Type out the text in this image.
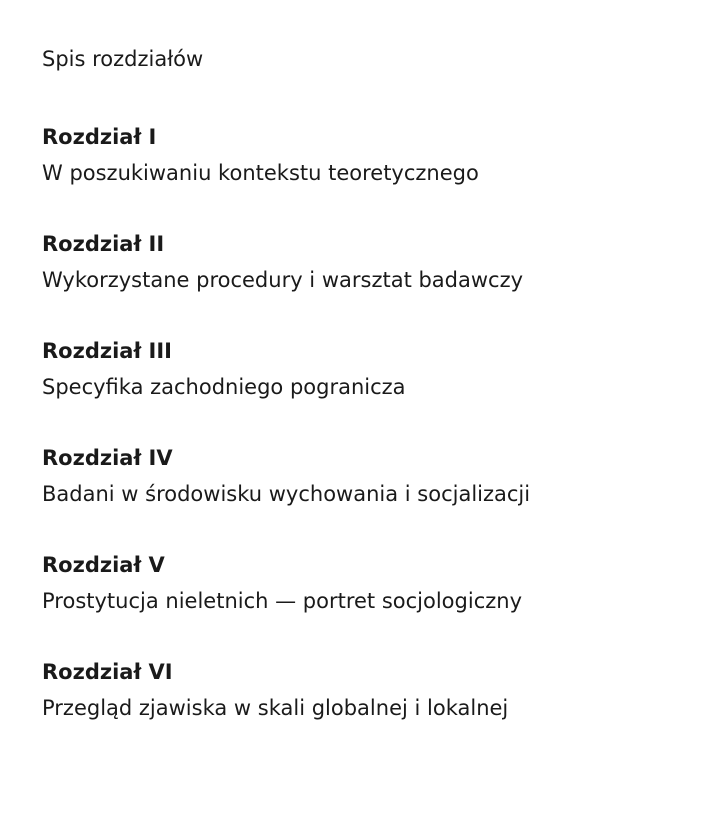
Spis rozdziałów
Rozdział I
W poszukiwaniu kontekstu teoretycznego
Rozdział II
Wykorzystane procedury i warsztat badawczy
Rozdział III
Specyfika zachodniego pogranicza
Rozdział IV
Badani w środowisku wychowania i socjalizacji
Rozdział V
Prostytucja nieletnich — portret socjologiczny
Rozdział VI
Przegląd zjawiska w skali globalnej i lokalnej
